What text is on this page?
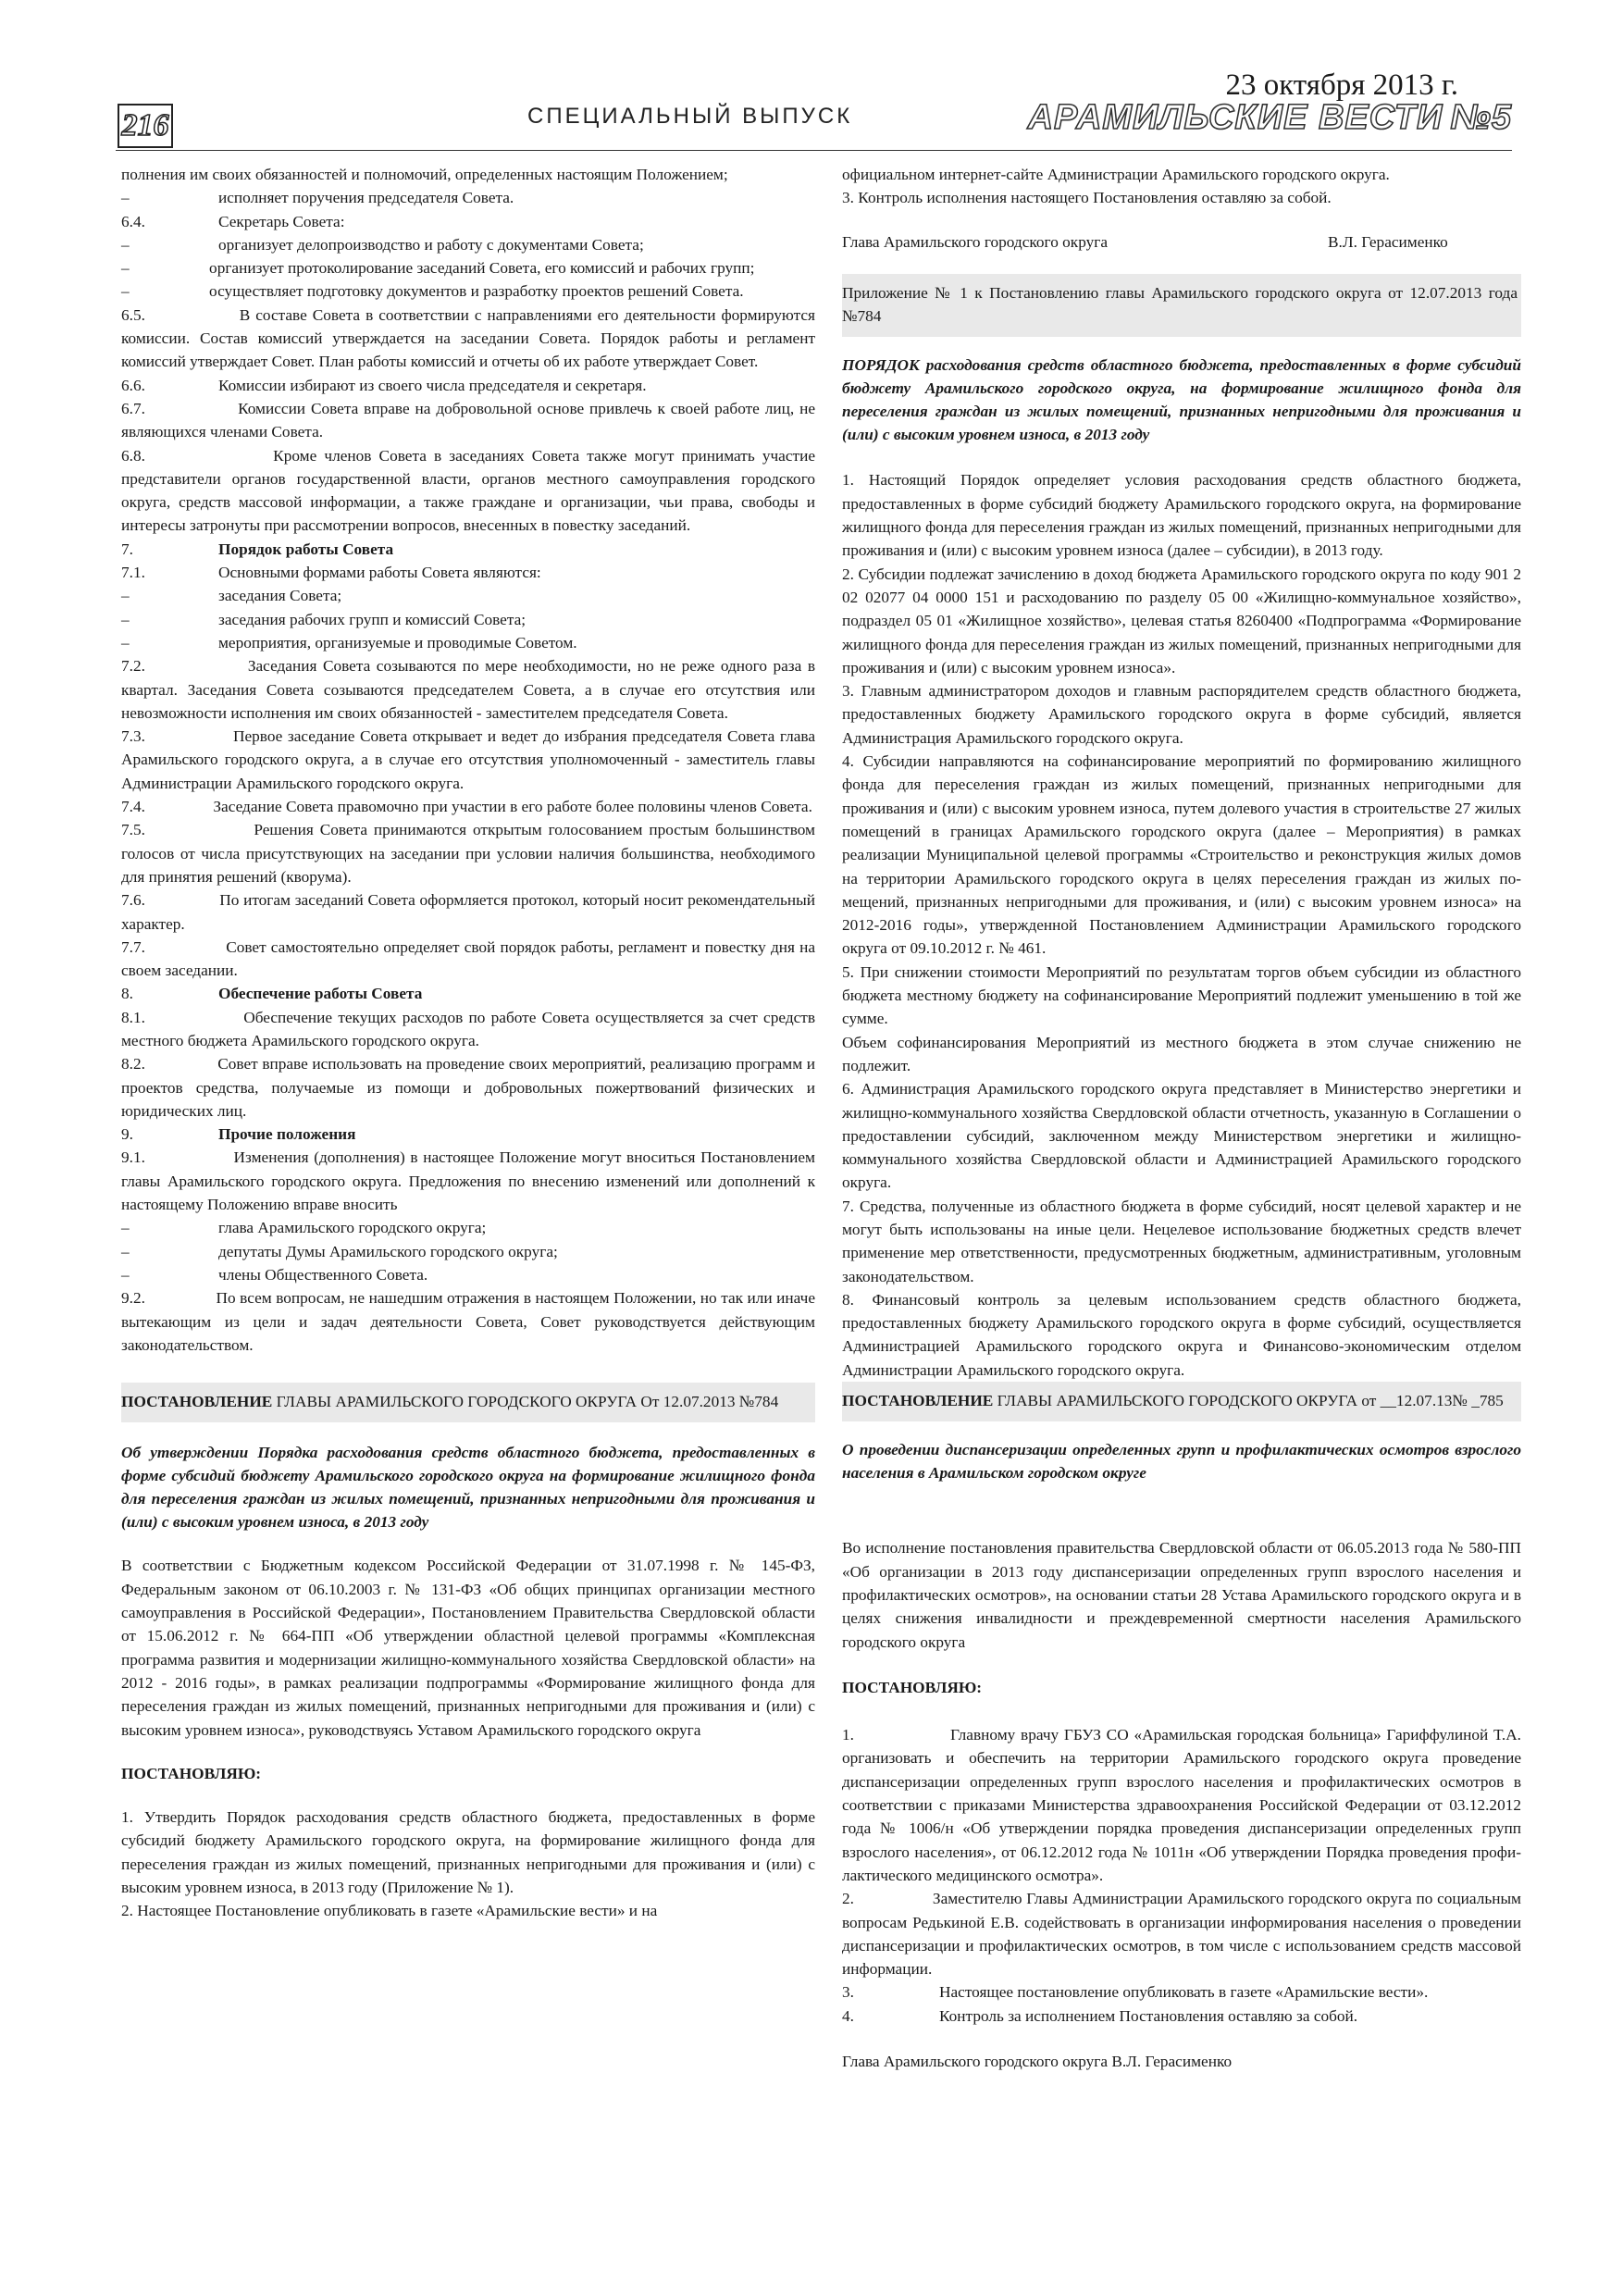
216	СПЕЦИАЛЬНЫЙ ВЫПУСК
23 октября 2013 г.
АРАМИЛЬСКИЕ ВЕСТИ №5

полнения им своих обязанностей и полномочий, определенных настоящим Положением;

–	исполняет поручения председателя Совета.
6.4.	Секретарь Совета:
–	организует делопроизводство и работу с документами Совета;

–                    организует протоколирование заседаний Совета, его комиссий и рабочих групп;

–                    осуществляет подготовку документов и разработку проектов решений Совета.

6.5.	В составе Совета в соответствии с направлениями его деятельности формируются комиссии. Состав комиссий утверждается на заседании Совета. Порядок работы и регламент комиссий утверждает Совет. План работы комиссий и отчеты об их работе утверждает Совет.

6.6.	Комиссии избирают из своего числа председателя и секретаря.

6.7.	Комиссии Совета вправе на добровольной основе привлечь к своей работе лиц, не являющихся членами Совета.

6.8.	Кроме членов Совета в заседаниях Совета также могут принимать участие представители органов государственной власти, органов местного самоуправления городского округа, средств массовой информации, а также граждане и организации, чьи права, свободы и интересы затронуты при рассмотрении вопросов, внесенных в повестку заседаний.

7.	Порядок работы Совета
7.1.	Основными формами работы Совета являются:
–	заседания Совета;
–	заседания рабочих групп и комиссий Совета;
–	мероприятия, организуемые и проводимые Советом.

7.2.	Заседания Совета созываются по мере необходимости, но не реже одного раза в квартал. Заседания Совета созываются председателем Совета, а в случае его отсутствия или невозможности исполнения им своих обязанностей - заместителем председателя Совета.

7.3.	Первое заседание Совета открывает и ведет до избрания председателя Совета глава Арамильского городского округа, а в случае его отсутствия уполномоченный - заместитель главы Администрации Арамильского городского округа.

7.4.	Заседание Совета правомочно при участии в его работе более половины членов Совета.

7.5.	Решения Совета принимаются открытым голосованием простым большинством голосов от числа присутствующих на заседании при условии наличия большинства, необходимого для принятия решений (кворума).

7.6.	По итогам заседаний Совета оформляется протокол, который носит рекомендательный характер.

7.7.	Совет самостоятельно определяет свой порядок работы, регламент и повестку дня на своем заседании.

8.	Обеспечение работы Совета

8.1.	Обеспечение текущих расходов по работе Совета осуществляется за счет средств местного бюджета Арамильского городского округа.

8.2.	Совет вправе использовать на проведение своих мероприятий, реализацию программ и проектов средства, получаемые из помощи и добровольных пожертвований физических и юридических лиц.

9.	Прочие положения

9.1.	Изменения (дополнения) в настоящее Положение могут вноситься Постановлением главы Арамильского городского округа. Предложения по внесению изменений или дополнений к настоящему Положению вправе вносить

–	глава Арамильского городского округа;
–	депутаты Думы Арамильского городского округа;
–	члены Общественного Совета.

9.2.	По всем вопросам, не нашедшим отражения в настоящем Положении, но так или иначе вытекающим из цели и задач деятельности Совета, Совет руководствуется действующим законодательством.

ПОСТАНОВЛЕНИЕ ГЛАВЫ АРАМИЛЬСКОГО ГОРОДСКОГО ОКРУГА От 12.07.2013 №784

Об утверждении Порядка расходования средств областного бюджета, предоставленных в форме субсидий бюджету Арамильского городского округа на формирование жилищного фонда для переселения граждан из жилых помещений, признанных непригодными для проживания и (или) с высоким уровнем износа, в 2013 году

В соответствии с Бюджетным кодексом Российской Федерации от 31.07.1998 г. № 145-ФЗ, Федеральным законом от 06.10.2003 г. № 131-ФЗ «Об общих принципах организации местного самоуправления в Российской Федерации», Постановлением Правительства Свердловской области от 15.06.2012 г. № 664-ПП «Об утверждении областной целевой программы «Комплексная программа развития и модернизации жилищно-коммунального хозяйства Свердловской области» на 2012 - 2016 годы», в рамках реализации подпрограммы «Формирование жилищного фонда для переселения граждан из жилых помещений, признанных непригодными для проживания и (или) с высоким уровнем износа», руководствуясь Уставом Арамильского городского округа

ПОСТАНОВЛЯЮ:

1. Утвердить Порядок расходования средств областного бюджета, предоставленных в форме субсидий бюджету Арамильского городского округа, на формирование жилищного фонда для переселения граждан из жилых помещений, признанных непригодными для проживания и (или) с высоким уровнем износа, в 2013 году (Приложение № 1).

2. Настоящее Постановление опубликовать в газете «Арамильские вести» и на

официальном интернет-сайте Администрации Арамильского городского округа.

3. Контроль исполнения настоящего Постановления оставляю за собой.

Глава Арамильского городского округа	В.Л. Герасименко
Приложение № 1 к Постановлению главы Арамильского городского округа от 12.07.2013 года №784

ПОРЯДОК расходования средств областного бюджета, предоставленных в форме субсидий бюджету Арамильского городского округа, на формирование жилищного фонда для переселения граждан из жилых помещений, признанных непригодными для проживания и (или) с высоким уровнем износа, в 2013 году

1. Настоящий Порядок определяет условия расходования средств областного бюджета, предоставленных в форме субсидий бюджету Арамильского городского округа, на формирование жилищного фонда для переселения граждан из жилых помещений, признанных непригодными для проживания и (или) с высоким уровнем износа (далее – субсидии), в 2013 году.

2. Субсидии подлежат зачислению в доход бюджета Арамильского городского округа по коду 901 2 02 02077 04 0000 151 и расходованию по разделу 05 00 «Жилищно-коммунальное хозяйство», подраздел 05 01 «Жилищное хозяйство», целевая статья 8260400 «Подпрограмма «Формирование жилищного фонда для переселения граждан из жилых помещений, признанных непригодными для проживания и (или) с высоким уровнем износа».

3. Главным администратором доходов и главным распорядителем средств областного бюджета, предоставленных бюджету Арамильского городского округа в форме субсидий, является Администрация Арамильского городского округа.

4. Субсидии направляются на софинансирование мероприятий по формированию жилищного фонда для переселения граждан из жилых помещений, признанных непригодными для проживания и (или) с высоким уровнем износа, путем долевого участия в строительстве 27 жилых помещений в границах Арамильского городского округа (далее – Мероприятия) в рамках реализации Муниципальной целевой программы «Строительство и реконструкция жилых домов на территории Арамильского городского округа в целях переселения граждан из жилых помещений, признанных непригодными для проживания, и (или) с высоким уровнем износа» на 2012-2016 годы», утвержденной Постановлением Администрации Арамильского городского округа от 09.10.2012 г. № 461.

5. При снижении стоимости Мероприятий по результатам торгов объем субсидии из областного бюджета местному бюджету на софинансирование Мероприятий подлежит уменьшению в той же сумме.

Объем софинансирования Мероприятий из местного бюджета в этом случае снижению не подлежит.

6. Администрация Арамильского городского округа представляет в Министерство энергетики и жилищно-коммунального хозяйства Свердловской области отчетность, указанную в Соглашении о предоставлении субсидий, заключенном между Министерством энергетики и жилищно-коммунального хозяйства Свердловской области и Администрацией Арамильского городского округа.

7. Средства, полученные из областного бюджета в форме субсидий, носят целевой характер и не могут быть использованы на иные цели. Нецелевое использование бюджетных средств влечет применение мер ответственности, предусмотренных бюджетным, административным, уголовным законодательством.

8. Финансовый контроль за целевым использованием средств областного бюджета, предоставленных бюджету Арамильского городского округа в форме субсидий, осуществляется Администрацией Арамильского городского округа и Финансово-экономическим отделом Администрации Арамильского городского округа.

ПОСТАНОВЛЕНИЕ ГЛАВЫ АРАМИЛЬСКОГО ГОРОДСКОГО ОКРУГА от __12.07.13№ _785

О проведении диспансеризации определенных групп и профилактических осмотров взрослого населения в Арамильском городском округе

Во исполнение постановления правительства Свердловской области от 06.05.2013 года № 580-ПП «Об организации в 2013 году диспансеризации определенных групп взрослого населения и профилактических осмотров», на основании статьи 28 Устава Арамильского городского округа и в целях снижения инвалидности и преждевременной смертности населения Арамильского городского округа

ПОСТАНОВЛЯЮ:

1.	Главному врачу ГБУЗ СО «Арамильская городская больница» Гариффулиной Т.А. организовать и обеспечить на территории Арамильского городского округа проведение диспансеризации определенных групп взрослого населения и профилактических осмотров в соответствии с приказами Министерства здравоохранения Российской Федерации от 03.12.2012 года № 1006/н «Об утверждении порядка проведения диспансеризации определенных групп взрослого населения», от 06.12.2012 года № 1011н «Об утверждении Порядка проведения профилактического медицинского осмотра».

2.	Заместителю Главы Администрации Арамильского городского округа по социальным вопросам Редькиной Е.В. содействовать в организации информирования населения о проведении диспансеризации и профилактических осмотров, в том числе с использованием средств массовой информации.

3.	Настоящее постановление опубликовать в газете «Арамильские вести».
4.	Контроль за исполнением Постановления оставляю за собой.

Глава Арамильского городского округа В.Л. Герасименко
